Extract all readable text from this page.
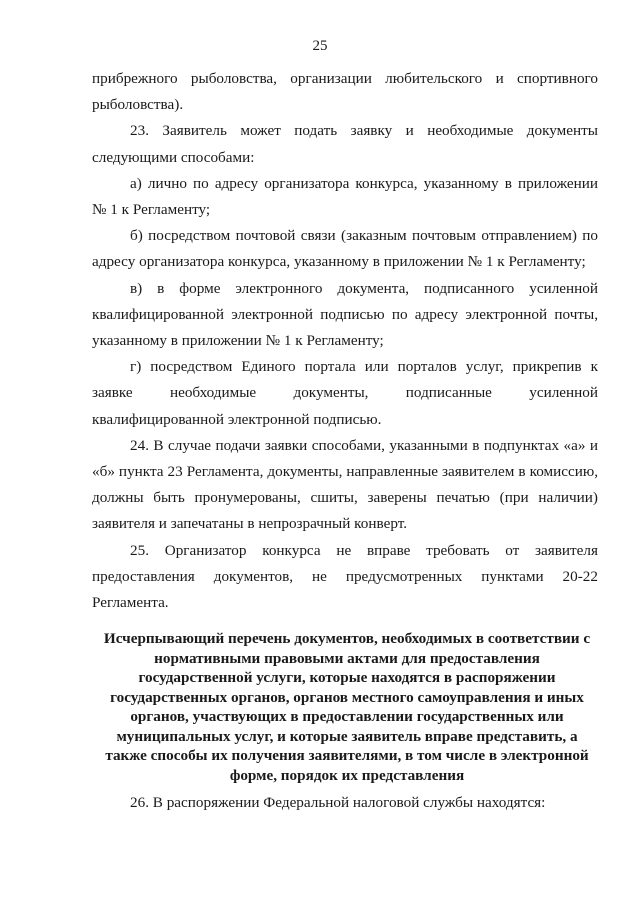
25

прибрежного рыболовства, организации любительского и спортивного рыболовства).

23. Заявитель может подать заявку и необходимые документы следующими способами:

а) лично по адресу организатора конкурса, указанному в приложении № 1 к Регламенту;

б) посредством почтовой связи (заказным почтовым отправлением) по адресу организатора конкурса, указанному в приложении № 1 к Регламенту;

в) в форме электронного документа, подписанного усиленной квалифицированной электронной подписью по адресу электронной почты, указанному в приложении № 1 к Регламенту;

г) посредством Единого портала или порталов услуг, прикрепив к заявке необходимые документы, подписанные усиленной квалифицированной электронной подписью.

24. В случае подачи заявки способами, указанными в подпунктах «а» и «б» пункта 23 Регламента, документы, направленные заявителем в комиссию, должны быть пронумерованы, сшиты, заверены печатью (при наличии) заявителя и запечатаны в непрозрачный конверт.

25. Организатор конкурса не вправе требовать от заявителя предоставления документов, не предусмотренных пунктами 20-22 Регламента.

Исчерпывающий перечень документов, необходимых в соответствии с нормативными правовыми актами для предоставления государственной услуги, которые находятся в распоряжении государственных органов, органов местного самоуправления и иных органов, участвующих в предоставлении государственных или муниципальных услуг, и которые заявитель вправе представить, а также способы их получения заявителями, в том числе в электронной форме, порядок их представления

26. В распоряжении Федеральной налоговой службы находятся:
